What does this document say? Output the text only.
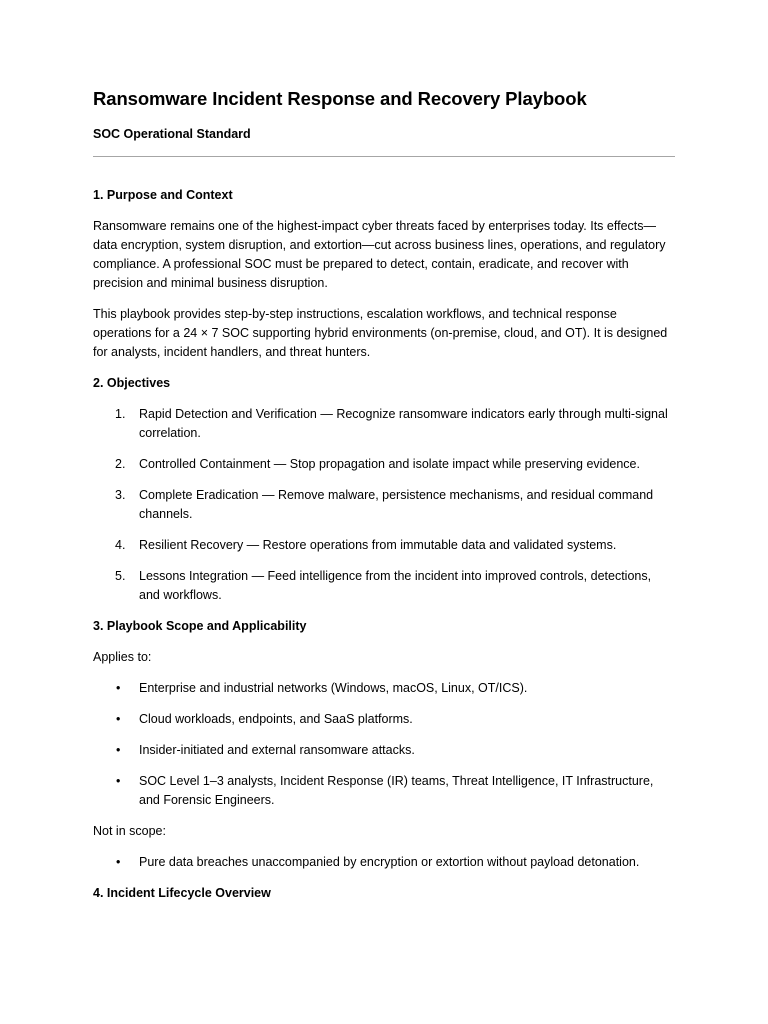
Ransomware Incident Response and Recovery Playbook
SOC Operational Standard
1. Purpose and Context

Ransomware remains one of the highest-impact cyber threats faced by enterprises today. Its effects—data encryption, system disruption, and extortion—cut across business lines, operations, and regulatory compliance. A professional SOC must be prepared to detect, contain, eradicate, and recover with precision and minimal business disruption.

This playbook provides step-by-step instructions, escalation workflows, and technical response operations for a 24 × 7 SOC supporting hybrid environments (on-premise, cloud, and OT). It is designed for analysts, incident handlers, and threat hunters.

2. Objectives
1. Rapid Detection and Verification — Recognize ransomware indicators early through multi-signal correlation.
2. Controlled Containment — Stop propagation and isolate impact while preserving evidence.
3. Complete Eradication — Remove malware, persistence mechanisms, and residual command channels.
4. Resilient Recovery — Restore operations from immutable data and validated systems.
5. Lessons Integration — Feed intelligence from the incident into improved controls, detections, and workflows.
3. Playbook Scope and Applicability

Applies to:

•	Enterprise and industrial networks (Windows, macOS, Linux, OT/ICS).
•	Cloud workloads, endpoints, and SaaS platforms.
•	Insider-initiated and external ransomware attacks.
•	SOC Level 1–3 analysts, Incident Response (IR) teams, Threat Intelligence, IT Infrastructure, and Forensic Engineers.

Not in scope:

•	Pure data breaches unaccompanied by encryption or extortion without payload detonation.
4. Incident Lifecycle Overview
